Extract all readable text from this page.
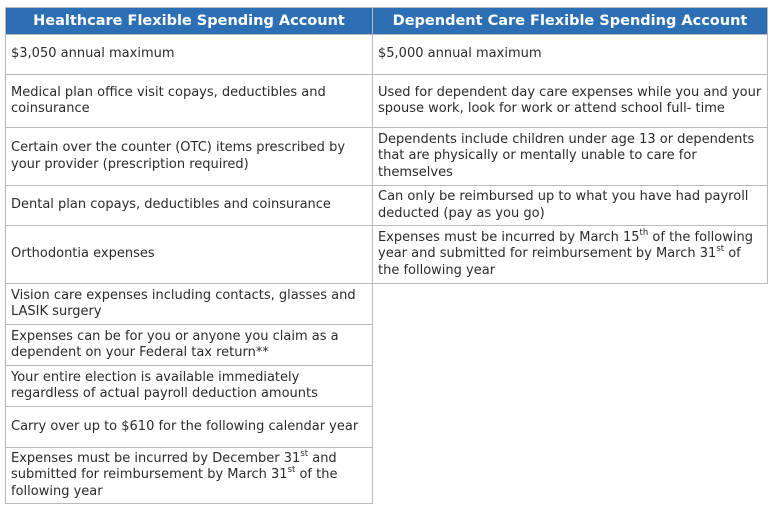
Healthcare Flexible Spending Account	Dependent Care Flexible Spending Account
$3,050 annual maximum	$5,000 annual maximum
Medical plan office visit copays, deductibles and coinsurance	Used for dependent day care expenses while you and your spouse work, look for work or attend school full- time
Certain over the counter (OTC) items prescribed by your provider (prescription required)	Dependents include children under age 13 or dependents that are physically or mentally unable to care for themselves
Dental plan copays, deductibles and coinsurance	Can only be reimbursed up to what you have had payroll deducted (pay as you go)
Orthodontia expenses	Expenses must be incurred by March 15th of the following year and submitted for reimbursement by March 31st of the following year
Vision care expenses including contacts, glasses and LASIK surgery	
Expenses can be for you or anyone you claim as a dependent on your Federal tax return**	
Your entire election is available immediately regardless of actual payroll deduction amounts	
Carry over up to $610 for the following calendar year	
Expenses must be incurred by December 31st and submitted for reimbursement by March 31st of the following year	
